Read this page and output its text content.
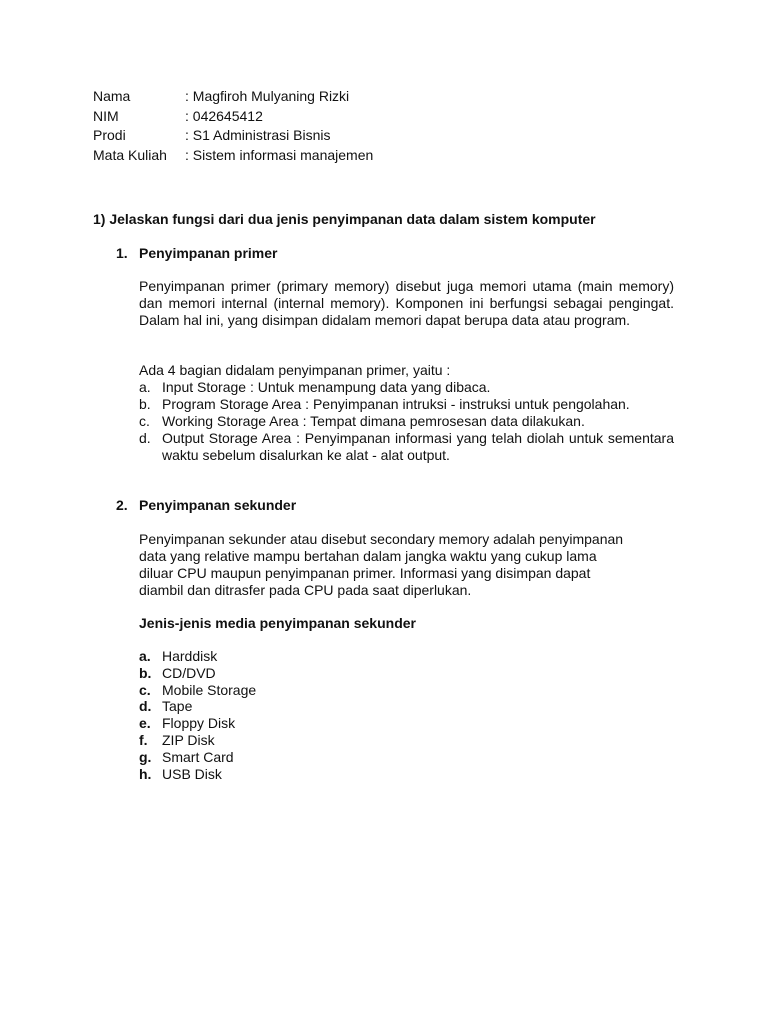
Nama	: Magfiroh Mulyaning Rizki
NIM	: 042645412
Prodi	: S1 Administrasi Bisnis
Mata Kuliah	: Sistem informasi manajemen
1) Jelaskan fungsi dari dua jenis penyimpanan data dalam sistem komputer
1. Penyimpanan primer

Penyimpanan primer (primary memory) disebut juga memori utama (main memory) dan memori internal (internal memory). Komponen ini berfungsi sebagai pengingat. Dalam hal ini, yang disimpan didalam memori dapat berupa data atau program.

Ada 4 bagian didalam penyimpanan primer, yaitu :

a. Input Storage : Untuk menampung data yang dibaca.
b. Program Storage Area : Penyimpanan intruksi - instruksi untuk pengolahan.
c. Working Storage Area : Tempat dimana pemrosesan data dilakukan.
d. Output Storage Area : Penyimpanan informasi yang telah diolah untuk sementara waktu sebelum disalurkan ke alat - alat output.
2. Penyimpanan sekunder
Penyimpanan sekunder atau disebut secondary memory adalah penyimpanan
data yang relative mampu bertahan dalam jangka waktu yang cukup lama
diluar CPU maupun penyimpanan primer. Informasi yang disimpan dapat
diambil dan ditrasfer pada CPU pada saat diperlukan.
Jenis-jenis media penyimpanan sekunder
a. Harddisk
b. CD/DVD
c. Mobile Storage
d. Tape
e. Floppy Disk
f.	ZIP Disk
g. Smart Card
h. USB Disk
